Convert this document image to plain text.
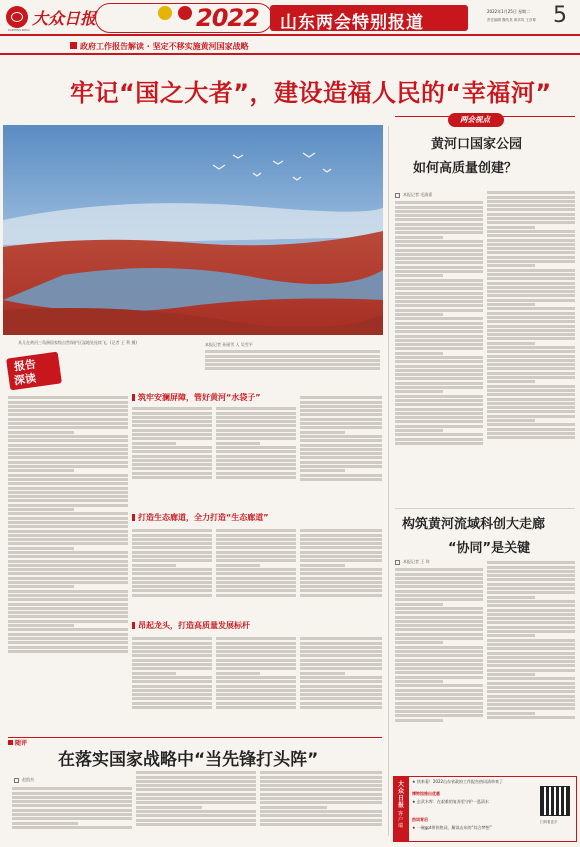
大众日报
DAZHONG RIBAO	2022 山东两会特别报道
2022年1月25日 星期二
责任编辑 魏茂其 黄宾均 王彦尊 5
政府工作报告解读 · 坚定不移实施黄河国家战略
牢记“国之大者”，建设造福人民的“幸福河”
具儿在黄河三角洲国家级自然保护区湿地处连续飞。(记者 王 利 摄)	本报记者 孙丽雪 人 吴雪平
报告
深读
筑牢安澜屏障，管好黄河“水袋子”
打造生态廊道，全力打造“生态廊道”
昂起龙头，打造高质量发展标杆
随评
在落实国家战略中“当先锋打头阵”
赵凯杰
两会视点
黄河口国家公园
如何高质量创建？
本报记者 毛渝嘉
构筑黄河流域科创大走廊
“协同”是关键
本报记者 王 玮
大众日报
客户端
★ 快来看！2022山东省政府工作报告热词清单来了
博物馆推出优惠
★ 玄武水库：在艰难的复苏里守护一泓清水
热词背后
★ 一碗gpt带你热词，解读山东的“综合梦想”
扫码看更多
